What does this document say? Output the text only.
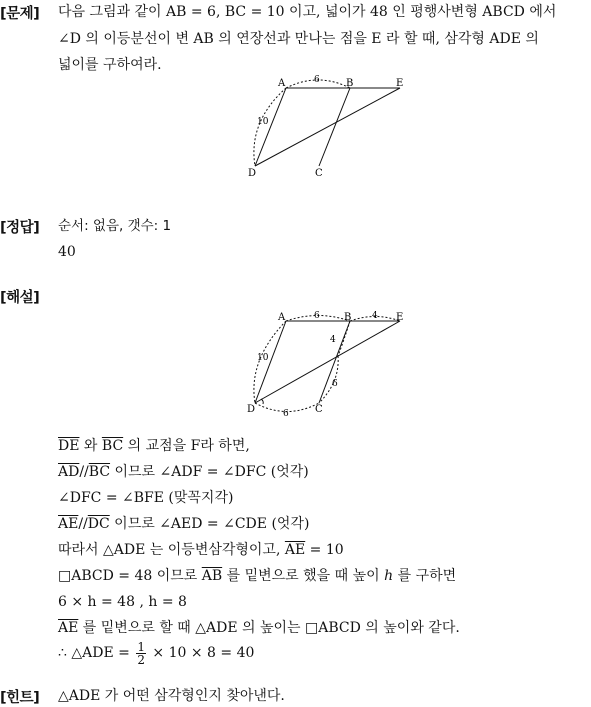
[문제] 다음 그림과 같이 AB = 6, BC = 10 이고, 넓이가 48 인 평행사변형 ABCD 에서
∠D 의 이등분선이 변 AB 의 연장선과 만나는 점을 E 라 할 때, 삼각형 ADE 의
넓이를 구하여라.
A	B	E
D	C
6
10
[정답] 순서: 없음, 갯수: 1
40
[해설]
A	B	E
D	C
6	4
10
6
4
6
$\overline{DE}$ 와 $\overline{BC}$ 의 교점을 F라 하면,
$\overline{AD}//\overline{BC}$ 이므로 ∠ADF = ∠DFC (엇각)
∠DFC = ∠BFE (맞꼭지각)
$\overline{AE}//\overline{DC}$ 이므로 ∠AED = ∠CDE (엇각)
따라서 △ADE 는 이등변삼각형이고, $\overline{AE} = 10$
□ABCD = 48 이므로 $\overline{AB}$ 를 밑변으로 했을 때 높이 h 를 구하면
6 × h = 48 , h = 8
$\overline{AE}$ 를 밑변으로 할 때 △ADE 의 높이는 □ABCD 의 높이와 같다.
∴ △ADE = $\frac{1}{2} \times 10 \times 8 = 40$
[힌트] △ADE 가 어떤 삼각형인지 찾아낸다.
